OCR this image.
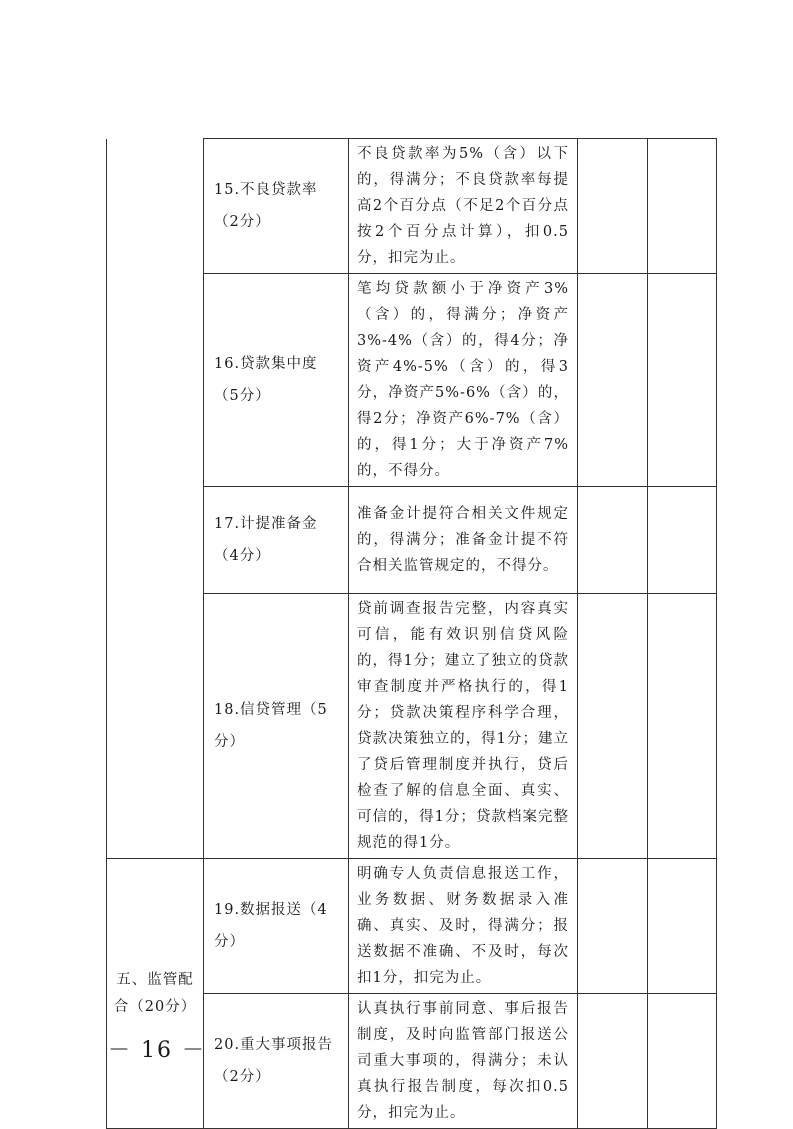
	15.不良贷款率（2分）	不良贷款率为5%（含）以下的，得满分；不良贷款率每提高2个百分点（不足2个百分点按2个百分点计算），扣0.5分，扣完为止。		
	16.贷款集中度（5分）	笔均贷款额小于净资产3%（含）的，得满分；净资产3%-4%（含）的，得4分；净资产4%-5%（含）的，得3分，净资产5%-6%（含）的，得2分；净资产6%-7%（含）的，得1分；大于净资产7%的，不得分。		
	17.计提准备金（4分）	准备金计提符合相关文件规定的，得满分；准备金计提不符合相关监管规定的，不得分。		
	18.信贷管理（5分）	贷前调查报告完整，内容真实可信，能有效识别信贷风险的，得1分；建立了独立的贷款审查制度并严格执行的，得1分；贷款决策程序科学合理，贷款决策独立的，得1分；建立了贷后管理制度并执行，贷后检查了解的信息全面、真实、可信的，得1分；贷款档案完整规范的得1分。		
五、监管配合（20分）	19.数据报送（4分）	明确专人负责信息报送工作，业务数据、财务数据录入准确、真实、及时，得满分；报送数据不准确、不及时，每次扣1分，扣完为止。		
	20.重大事项报告（2分）	认真执行事前同意、事后报告制度，及时向监管部门报送公司重大事项的，得满分；未认真执行报告制度，每次扣0.5分，扣完为止。		
－ 16 －
